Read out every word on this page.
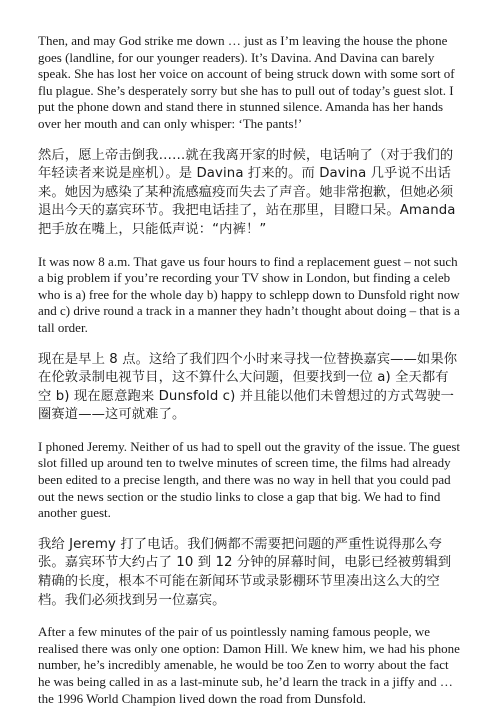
Then, and may God strike me down … just as I’m leaving the house the phone goes (landline, for our younger readers). It’s Davina. And Davina can barely speak. She has lost her voice on account of being struck down with some sort of flu plague. She’s desperately sorry but she has to pull out of today’s guest slot. I put the phone down and stand there in stunned silence. Amanda has her hands over her mouth and can only whisper: ‘The pants!’

然后，愿上帝击倒我……就在我离开家的时候，电话响了（对于我们的年轻读者来说是座机）。是 Davina 打来的。而 Davina 几乎说不出话来。她因为感染了某种流感瘟疫而失去了声音。她非常抱歉，但她必须退出今天的嘉宾环节。我把电话挂了，站在那里，目瞪口呆。Amanda 把手放在嘴上，只能低声说：“内裤！”

It was now 8 a.m. That gave us four hours to find a replacement guest – not such a big problem if you’re recording your TV show in London, but finding a celeb who is a) free for the whole day b) happy to schlepp down to Dunsfold right now and c) drive round a track in a manner they hadn’t thought about doing – that is a tall order.

现在是早上 8 点。这给了我们四个小时来寻找一位替换嘉宾——如果你在伦敦录制电视节目，这不算什么大问题，但要找到一位 a) 全天都有空 b) 现在愿意跑来 Dunsfold c) 并且能以他们未曾想过的方式驾驶一圈赛道——这可就难了。

I phoned Jeremy. Neither of us had to spell out the gravity of the issue. The guest slot filled up around ten to twelve minutes of screen time, the films had already been edited to a precise length, and there was no way in hell that you could pad out the news section or the studio links to close a gap that big. We had to find another guest.

我给 Jeremy 打了电话。我们俩都不需要把问题的严重性说得那么夸张。嘉宾环节大约占了 10 到 12 分钟的屏幕时间，电影已经被剪辑到精确的长度，根本不可能在新闻环节或录影棚环节里凑出这么大的空档。我们必须找到另一位嘉宾。

After a few minutes of the pair of us pointlessly naming famous people, we realised there was only one option: Damon Hill. We knew him, we had his phone number, he’s incredibly amenable, he would be too Zen to worry about the fact he was being called in as a last-minute sub, he’d learn the track in a jiffy and … the 1996 World Champion lived down the road from Dunsfold.
